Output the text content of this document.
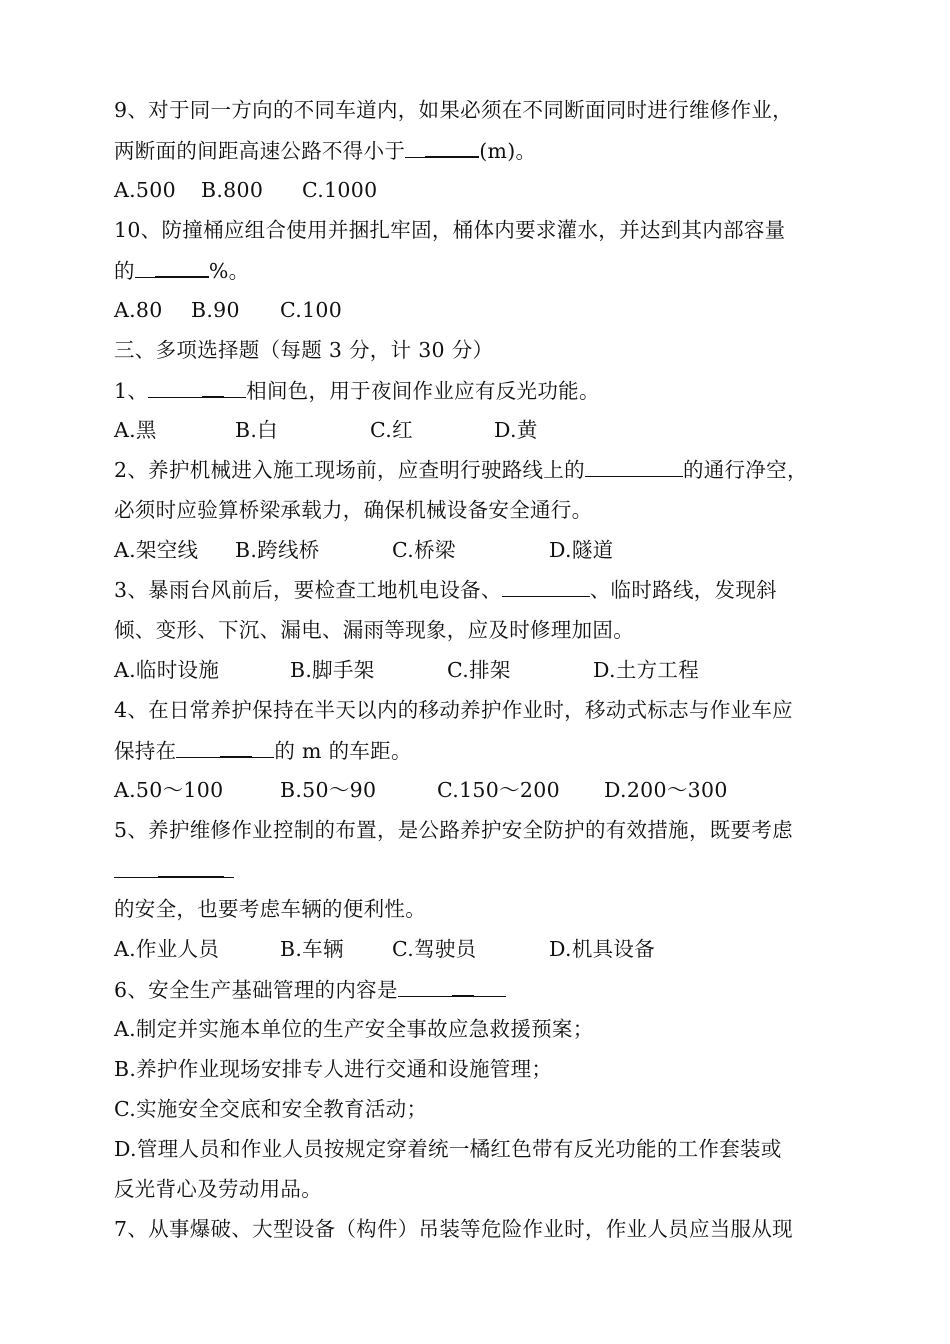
9、对于同一方向的不同车道内，如果必须在不同断面同时进行维修作业，
两断面的间距高速公路不得小于	(m)。
A.500 B.800 C.1000
10、防撞桶应组合使用并捆扎牢固，桶体内要求灌水，并达到其内部容量
的	%。
A.80 B.90 C.100
三、多项选择题（每题 3 分，计 30 分）
1、	相间色，用于夜间作业应有反光功能。
A.黑	B.白	C.红	D.黄
2、养护机械进入施工现场前，应查明行驶路线上的	的通行净空，
必须时应验算桥梁承载力，确保机械设备安全通行。
A.架空线 B.跨线桥	C.桥梁	D.隧道
3、暴雨台风前后，要检查工地机电设备、	、临时路线，发现斜
倾、变形、下沉、漏电、漏雨等现象，应及时修理加固。
A.临时设施	B.脚手架	C.排架	D.土方工程
4、在日常养护保持在半天以内的移动养护作业时，移动式标志与作业车应
保持在	的 m 的车距。
A.50～100	B.50～90	C.150～200 D.200～300
5、养护维修作业控制的布置，是公路养护安全防护的有效措施，既要考虑
的安全，也要考虑车辆的便利性。
A.作业人员	B.车辆 C.驾驶员	D.机具设备
6、安全生产基础管理的内容是
A.制定并实施本单位的生产安全事故应急救援预案；
B.养护作业现场安排专人进行交通和设施管理；
C.实施安全交底和安全教育活动；
D.管理人员和作业人员按规定穿着统一橘红色带有反光功能的工作套装或
反光背心及劳动用品。
7、从事爆破、大型设备（构件）吊装等危险作业时，作业人员应当服从现
